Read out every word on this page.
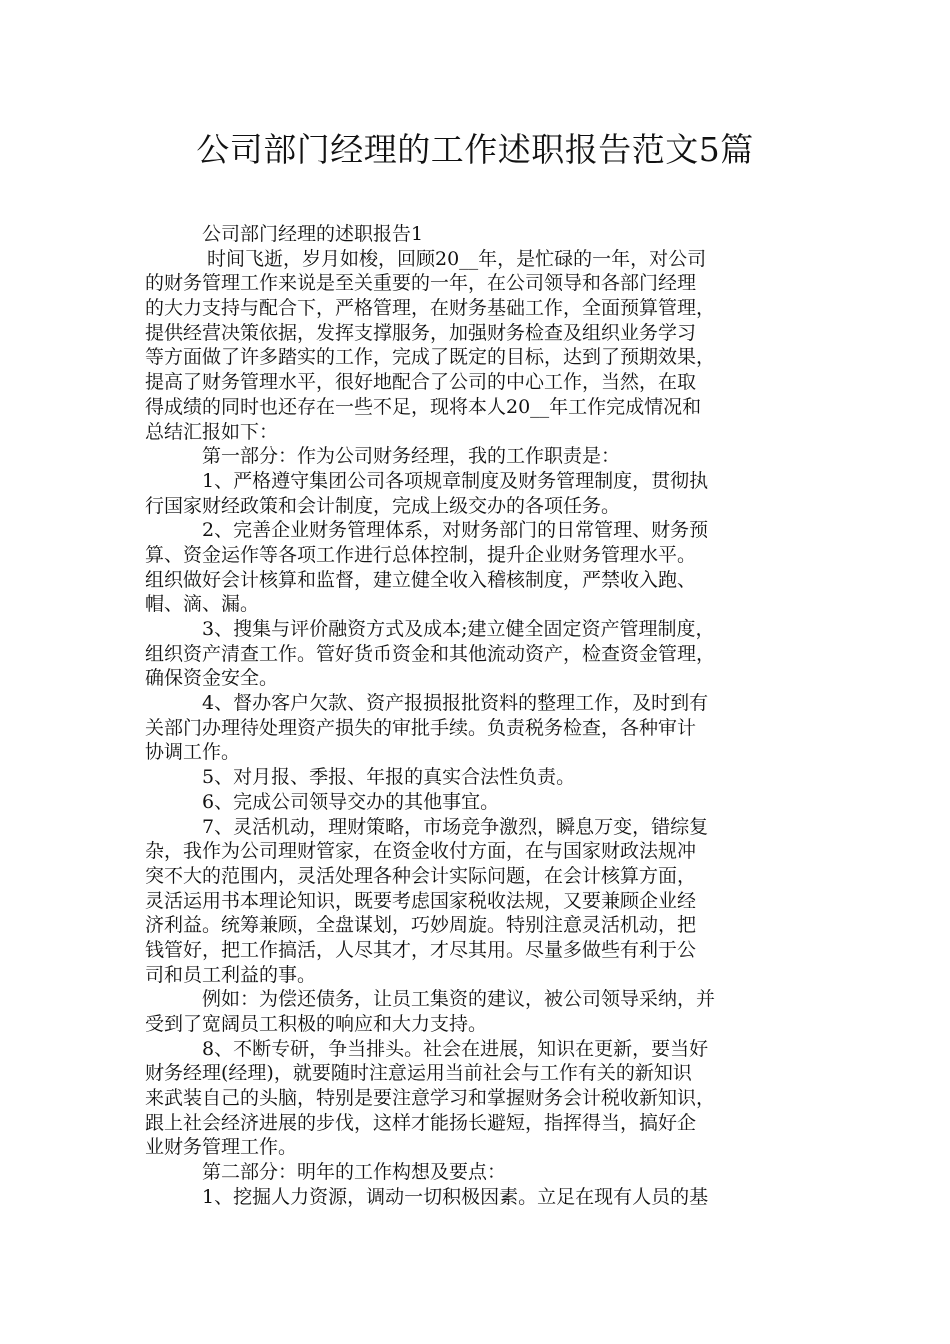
公司部门经理的工作述职报告范文5篇
公司部门经理的述职报告1
时间飞逝，岁月如梭，回顾20__年，是忙碌的一年，对公司
的财务管理工作来说是至关重要的一年，在公司领导和各部门经理
的大力支持与配合下，严格管理，在财务基础工作，全面预算管理，
提供经营决策依据，发挥支撑服务，加强财务检查及组织业务学习
等方面做了许多踏实的工作，完成了既定的目标，达到了预期效果，
提高了财务管理水平，很好地配合了公司的中心工作，当然，在取
得成绩的同时也还存在一些不足，现将本人20__年工作完成情况和
总结汇报如下：
第一部分：作为公司财务经理，我的工作职责是：
1、严格遵守集团公司各项规章制度及财务管理制度，贯彻执
行国家财经政策和会计制度，完成上级交办的各项任务。
2、完善企业财务管理体系，对财务部门的日常管理、财务预
算、资金运作等各项工作进行总体控制，提升企业财务管理水平。
组织做好会计核算和监督，建立健全收入稽核制度，严禁收入跑、
帽、滴、漏。
3、搜集与评价融资方式及成本;建立健全固定资产管理制度，
组织资产清查工作。管好货币资金和其他流动资产，检查资金管理，
确保资金安全。
4、督办客户欠款、资产报损报批资料的整理工作，及时到有
关部门办理待处理资产损失的审批手续。负责税务检查，各种审计
协调工作。
5、对月报、季报、年报的真实合法性负责。
6、完成公司领导交办的其他事宜。
7、灵活机动，理财策略，市场竞争激烈，瞬息万变，错综复
杂，我作为公司理财管家，在资金收付方面，在与国家财政法规冲
突不大的范围内，灵活处理各种会计实际问题，在会计核算方面，
灵活运用书本理论知识，既要考虑国家税收法规，又要兼顾企业经
济利益。统筹兼顾，全盘谋划，巧妙周旋。特别注意灵活机动，把
钱管好，把工作搞活，人尽其才，才尽其用。尽量多做些有利于公
司和员工利益的事。
例如：为偿还债务，让员工集资的建议，被公司领导采纳，并
受到了宽阔员工积极的响应和大力支持。
8、不断专研，争当排头。社会在进展，知识在更新，要当好
财务经理(经理)，就要随时注意运用当前社会与工作有关的新知识
来武装自己的头脑，特别是要注意学习和掌握财务会计税收新知识，
跟上社会经济进展的步伐，这样才能扬长避短，指挥得当，搞好企
业财务管理工作。
第二部分：明年的工作构想及要点：
1、挖掘人力资源，调动一切积极因素。立足在现有人员的基
